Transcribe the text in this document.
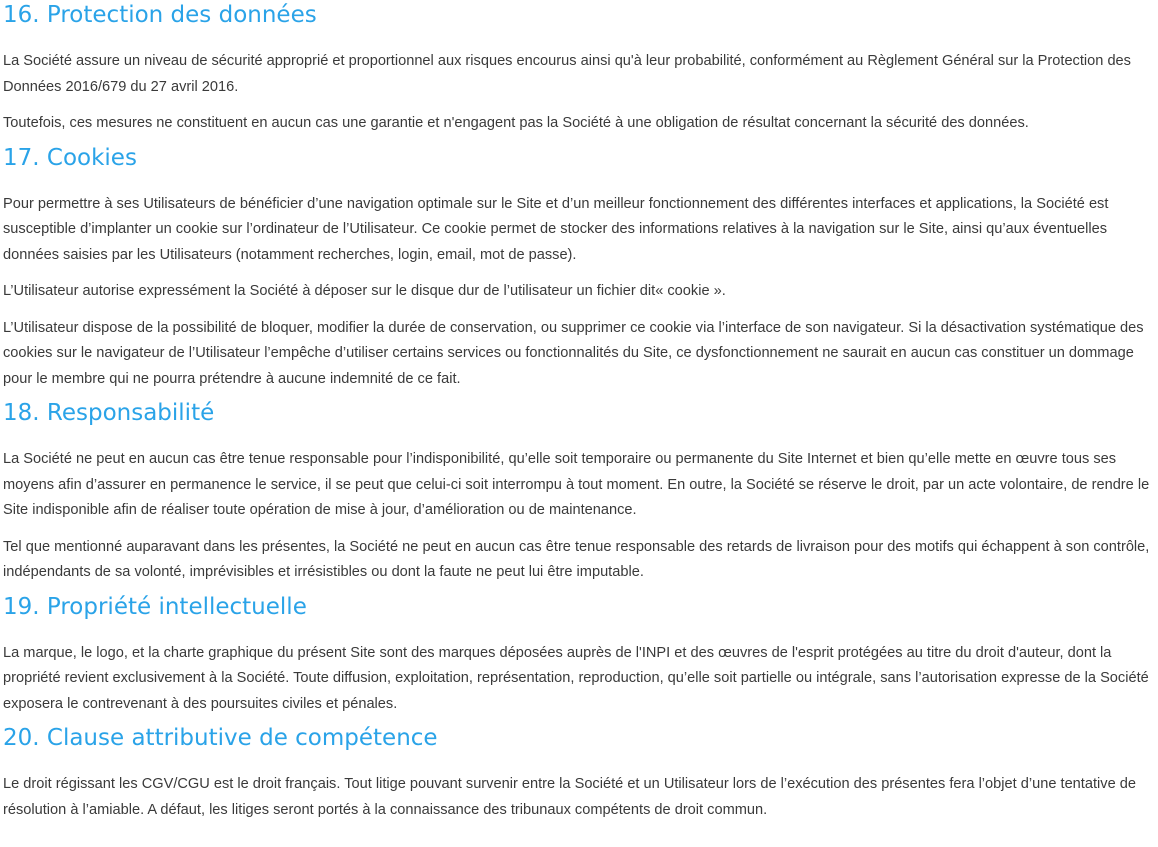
16. Protection des données

La Société assure un niveau de sécurité approprié et proportionnel aux risques encourus ainsi qu'à leur probabilité, conformément au Règlement Général sur la Protection des Données 2016/679 du 27 avril 2016.

Toutefois, ces mesures ne constituent en aucun cas une garantie et n'engagent pas la Société à une obligation de résultat concernant la sécurité des données.

17. Cookies

Pour permettre à ses Utilisateurs de bénéficier d’une navigation optimale sur le Site et d’un meilleur fonctionnement des différentes interfaces et applications, la Société est susceptible d’implanter un cookie sur l’ordinateur de l’Utilisateur. Ce cookie permet de stocker des informations relatives à la navigation sur le Site, ainsi qu’aux éventuelles données saisies par les Utilisateurs (notamment recherches, login, email, mot de passe).

L’Utilisateur autorise expressément la Société à déposer sur le disque dur de l’utilisateur un fichier dit« cookie ».

L’Utilisateur dispose de la possibilité de bloquer, modifier la durée de conservation, ou supprimer ce cookie via l’interface de son navigateur. Si la désactivation systématique des cookies sur le navigateur de l’Utilisateur l’empêche d’utiliser certains services ou fonctionnalités du Site, ce dysfonctionnement ne saurait en aucun cas constituer un dommage pour le membre qui ne pourra prétendre à aucune indemnité de ce fait.

18. Responsabilité

La Société ne peut en aucun cas être tenue responsable pour l’indisponibilité, qu’elle soit temporaire ou permanente du Site Internet et bien qu’elle mette en œuvre tous ses moyens afin d’assurer en permanence le service, il se peut que celui-ci soit interrompu à tout moment. En outre, la Société se réserve le droit, par un acte volontaire, de rendre le Site indisponible afin de réaliser toute opération de mise à jour, d’amélioration ou de maintenance.

Tel que mentionné auparavant dans les présentes, la Société ne peut en aucun cas être tenue responsable des retards de livraison pour des motifs qui échappent à son contrôle, indépendants de sa volonté, imprévisibles et irrésistibles ou dont la faute ne peut lui être imputable.

19. Propriété intellectuelle

La marque, le logo, et la charte graphique du présent Site sont des marques déposées auprès de l'INPI et des œuvres de l'esprit protégées au titre du droit d'auteur, dont la propriété revient exclusivement à la Société. Toute diffusion, exploitation, représentation, reproduction, qu’elle soit partielle ou intégrale, sans l’autorisation expresse de la Société exposera le contrevenant à des poursuites civiles et pénales.

20. Clause attributive de compétence

Le droit régissant les CGV/CGU est le droit français. Tout litige pouvant survenir entre la Société et un Utilisateur lors de l’exécution des présentes fera l’objet d’une tentative de résolution à l’amiable. A défaut, les litiges seront portés à la connaissance des tribunaux compétents de droit commun.
